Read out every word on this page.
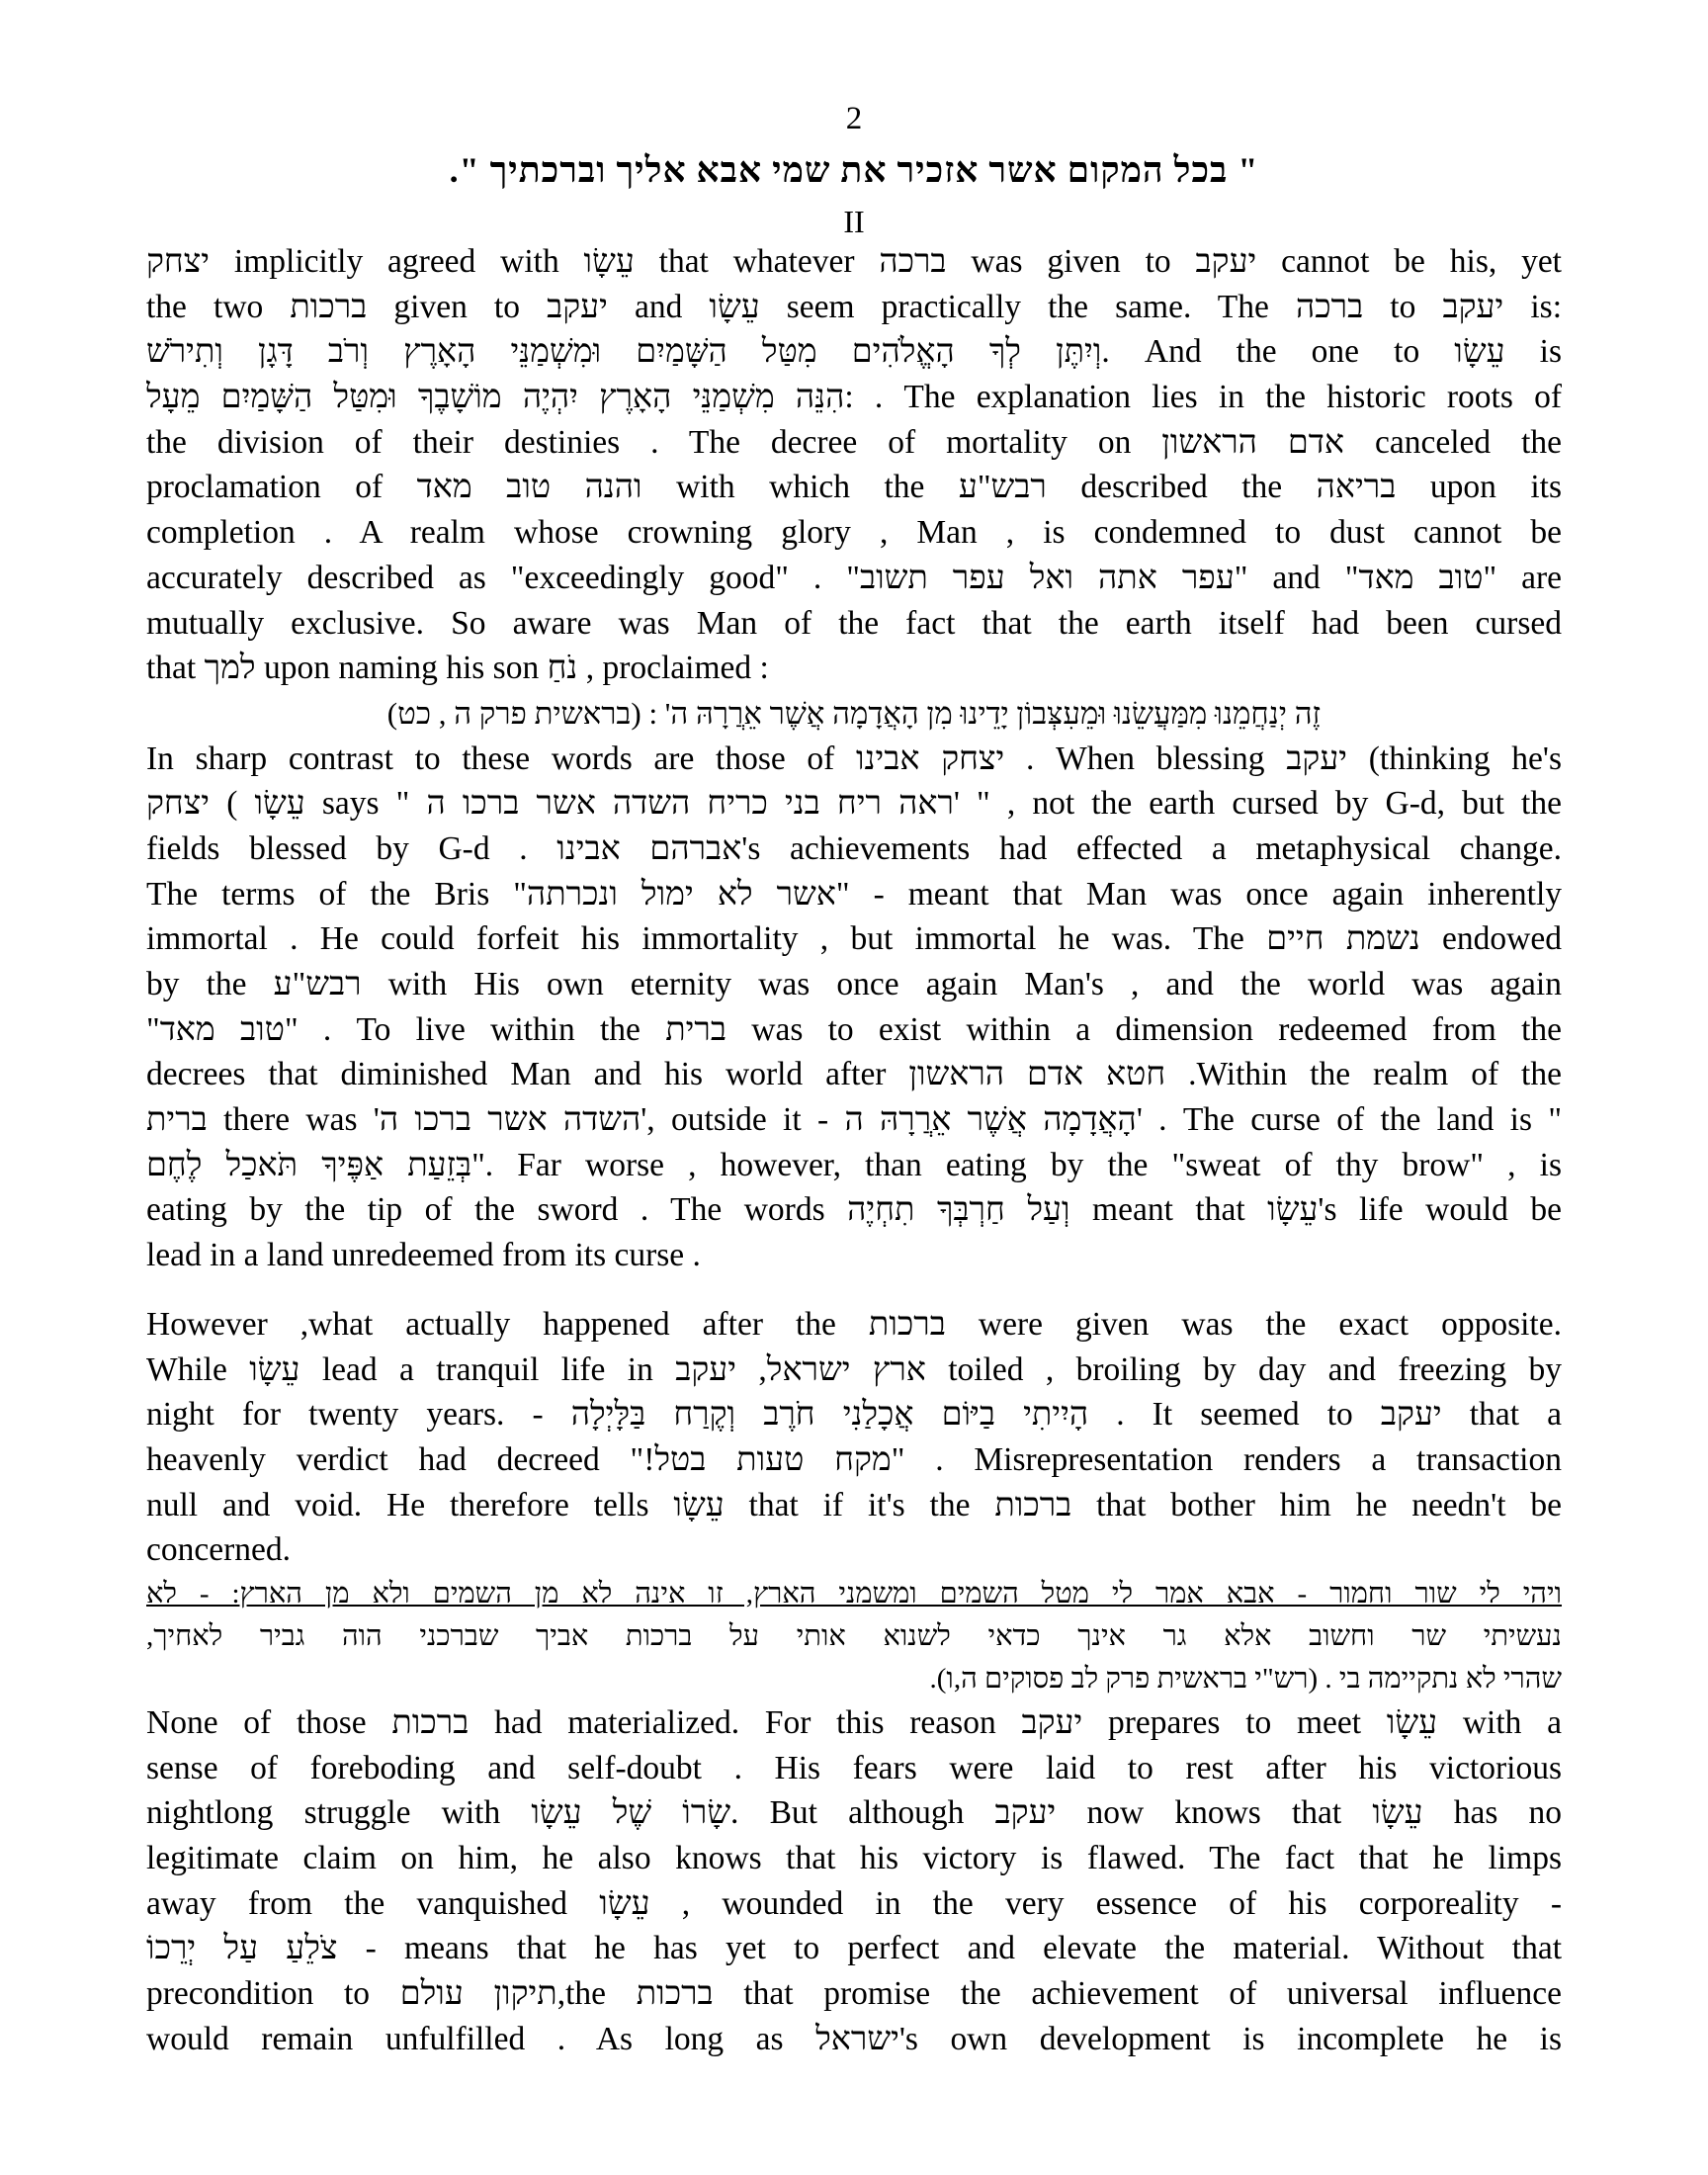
2
" בכל המקום אשר אזכיר את שמי אבא אליך וברכתיך ".
II
יצחק implicitly agreed with עֵשָׂו that whatever ברכה was given to יעקב cannot be his, yet
the two ברכות given to יעקב and עֵשָׂו seem practically the same. The ברכה to יעקב is:
וְיִתֶּן לְךָ הָאֱלֹהִים מִטַּל הַשָּׁמַיִם וּמִשְׁמַנֵּי הָאָרֶץ וְרֹב דָּגָן וְתִירֹשׁ. And the one to עֵשָׂו is
הִנֵּה מִשְׁמַנֵּי הָאָרֶץ יִהְיֶה מוֹשָׁבֶךָ וּמִטַּל הַשָּׁמַיִם מֵעָל: . The explanation lies in the historic roots of
the division of their destinies . The decree of mortality on אדם הראשון canceled the
proclamation of והנה טוב מאד with which the רבש"ע described the בריאה upon its
completion . A realm whose crowning glory , Man , is condemned to dust cannot be
accurately described as "exceedingly good" . "עפר אתה ואל עפר תשוב" and "טוב מאד" are
mutually exclusive. So aware was Man of the fact that the earth itself had been cursed
that למך upon naming his son נֹחַ , proclaimed :
זֶה יְנַחֲמֵנוּ מִמַּעֲשֵׂנוּ וּמֵעִצְּבוֹן יָדֵינוּ מִן הָאֲדָמָה אֲשֶׁר אֵרֲרָהּ ה' : (בראשית פרק ה , כט)
In sharp contrast to these words are those of יצחק אבינו . When blessing יעקב (thinking he's
עֵשָׂו ) יצחק says " ראה ריח בני כריח השדה אשר ברכו ה' " , not the earth cursed by G-d, but the
fields blessed by G-d . אברהם אבינו's achievements had effected a metaphysical change.
The terms of the Bris "אשר לא ימול ונכרתה" - meant that Man was once again inherently
immortal . He could forfeit his immortality , but immortal he was. The נשמת חיים endowed
by the רבש"ע with His own eternity was once again Man's , and the world was again
"טוב מאד" . To live within the ברית was to exist within a dimension redeemed from the
decrees that diminished Man and his world after חטא אדם הראשון .Within the realm of the
ברית there was 'השדה אשר ברכו ה', outside it - הָאֲדָמָה אֲשֶׁר אֵרֲרָהּ ה' . The curse of the land is "
בְּזֵעַת אַפֶּיךָ תֹּאכַל לֶחֶם". Far worse , however, than eating by the "sweat of thy brow" , is
eating by the tip of the sword . The words וְעַל חַרְבְּךָ תִחְיֶה meant that עֵשָׂו's life would be
lead in a land unredeemed from its curse .
However ,what actually happened after the ברכות were given was the exact opposite.
While עֵשָׂו lead a tranquil life in ארץ ישראל, יעקב toiled , broiling by day and freezing by
night for twenty years. - הָיִיתִי בַיּוֹם אֲכָלַנִי חֹרֶב וְקֶרַח בַּלָּיְלָה . It seemed to יעקב that a
heavenly verdict had decreed "!מקח טעות בטל" . Misrepresentation renders a transaction
null and void. He therefore tells עֵשָׂו that if it's the ברכות that bother him he needn't be
concerned.
ויהי לי שור וחמור - אבא אמר לי מטל השמים ומשמני הארץ, זו אינה לא מן השמים ולא מן הארץ: - לא
נעשיתי שר וחשוב אלא גר אינך כדאי לשנוא אותי על ברכות אביך שברכני הוה גביר לאחיך,
שהרי לא נתקיימה בי . (רש"י בראשית פרק לב פסוקים ה,ו).
None of those ברכות had materialized. For this reason יעקב prepares to meet עֵשָׂו with a
sense of foreboding and self-doubt . His fears were laid to rest after his victorious
nightlong struggle with שָׂרוֹ שֶׁל עֵשָׂו. But although יעקב now knows that עֵשָׂו has no
legitimate claim on him, he also knows that his victory is flawed. The fact that he limps
away from the vanquished עֵשָׂו , wounded in the very essence of his corporeality -
צֹלֵעַ עַל יְרֵכוֹ - means that he has yet to perfect and elevate the material. Without that
precondition to תיקון עולם,the ברכות that promise the achievement of universal influence
would remain unfulfilled . As long as ישראל's own development is incomplete he is
